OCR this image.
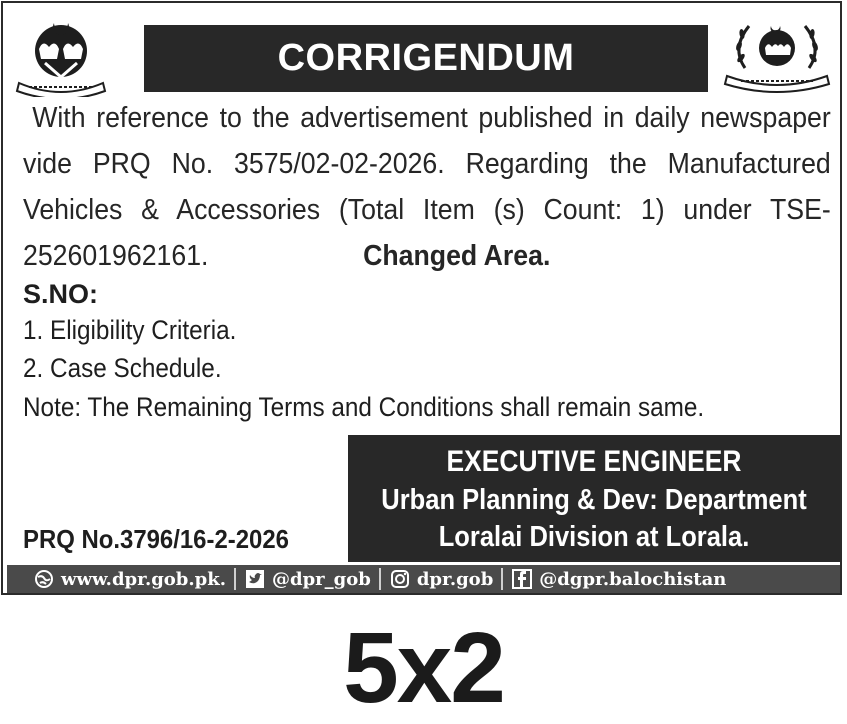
CORRIGENDUM
With reference to the advertisement published in daily newspaper
vide PRQ No. 3575/02-02-2026. Regarding the Manufactured
Vehicles & Accessories (Total Item (s) Count: 1) under TSE-
252601962161.	Changed Area.
S.NO:
1. Eligibility Criteria.
2. Case Schedule.
Note: The Remaining Terms and Conditions shall remain same.
EXECUTIVE ENGINEER
Urban Planning & Dev: Department
Loralai Division at Lorala.
PRQ No.3796/16-2-2026
www.dpr.gob.pk.	@dpr_gob	dpr.gob	@dgpr.balochistan
5x2
